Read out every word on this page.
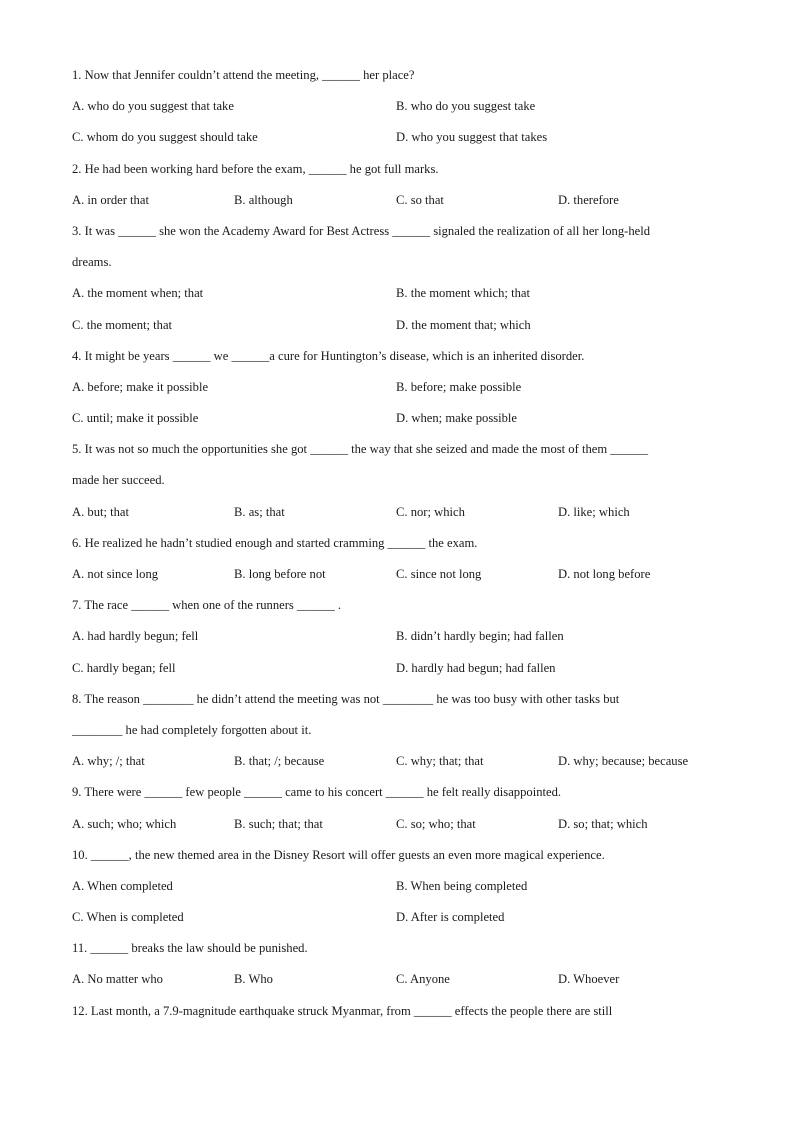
1. Now that Jennifer couldn’t attend the meeting, ______ her place?
A. who do you suggest that take	B. who do you suggest take
C. whom do you suggest should take	D. who you suggest that takes
2. He had been working hard before the exam, ______ he got full marks.
A. in order that	B. although	C. so that	D. therefore
3. It was ______ she won the Academy Award for Best Actress ______ signaled the realization of all her long-held
dreams.
A. the moment when; that	B. the moment which; that
C. the moment; that	D. the moment that; which
4. It might be years ______ we ______a cure for Huntington’s disease, which is an inherited disorder.
A. before; make it possible	B. before; make possible
C. until; make it possible	D. when; make possible
5. It was not so much the opportunities she got ______ the way that she seized and made the most of them ______
made her succeed.
A. but; that	B. as; that	C. nor; which	D. like; which
6. He realized he hadn’t studied enough and started cramming ______ the exam.
A. not since long	B. long before not	C. since not long	D. not long before
7. The race ______ when one of the runners ______ .
A. had hardly begun; fell	B. didn’t hardly begin; had fallen
C. hardly began; fell	D. hardly had begun; had fallen
8. The reason ________ he didn’t attend the meeting was not ________ he was too busy with other tasks but
________ he had completely forgotten about it.
A. why; /; that	B. that; /; because	C. why; that; that	D. why; because; because
9. There were ______ few people ______ came to his concert ______ he felt really disappointed.
A. such; who; which	B. such; that; that	C. so; who; that	D. so; that; which
10. ______, the new themed area in the Disney Resort will offer guests an even more magical experience.
A. When completed	B. When being completed
C. When is completed	D. After is completed
11. ______ breaks the law should be punished.
A. No matter who	B. Who	C. Anyone	D. Whoever
12. Last month, a 7.9-magnitude earthquake struck Myanmar, from ______ effects the people there are still
